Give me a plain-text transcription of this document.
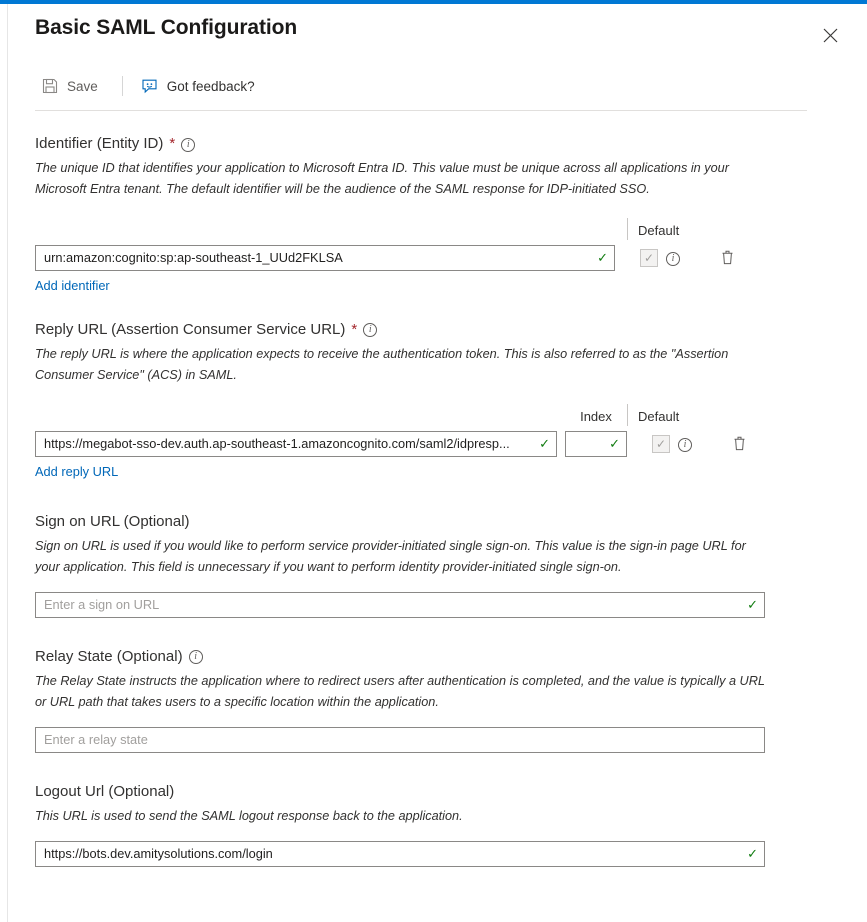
Basic SAML Configuration
Save	Got feedback?
Identifier (Entity ID) *	i

The unique ID that identifies your application to Microsoft Entra ID. This value must be unique across all applications in your Microsoft Entra tenant. The default identifier will be the audience of the SAML response for IDP-initiated SSO.

Default
urn:amazon:cognito:sp:ap-southeast-1_UUd2FKLSA	✓	✓	i
Add identifier
Reply URL (Assertion Consumer Service URL) *	i

The reply URL is where the application expects to receive the authentication token. This is also referred to as the "Assertion Consumer Service" (ACS) in SAML.

Index	Default
https://megabot-sso-dev.auth.ap-southeast-1.amazoncognito.com/saml2/idpresp...	✓	✓	✓	i
Add reply URL
Sign on URL (Optional)

Sign on URL is used if you would like to perform service provider-initiated single sign-on. This value is the sign-in page URL for your application. This field is unnecessary if you want to perform identity provider-initiated single sign-on.

Enter a sign on URL	✓
Relay State (Optional)	i

The Relay State instructs the application where to redirect users after authentication is completed, and the value is typically a URL or URL path that takes users to a specific location within the application.

Enter a relay state
Logout Url (Optional)

This URL is used to send the SAML logout response back to the application.

https://bots.dev.amitysolutions.com/login	✓
